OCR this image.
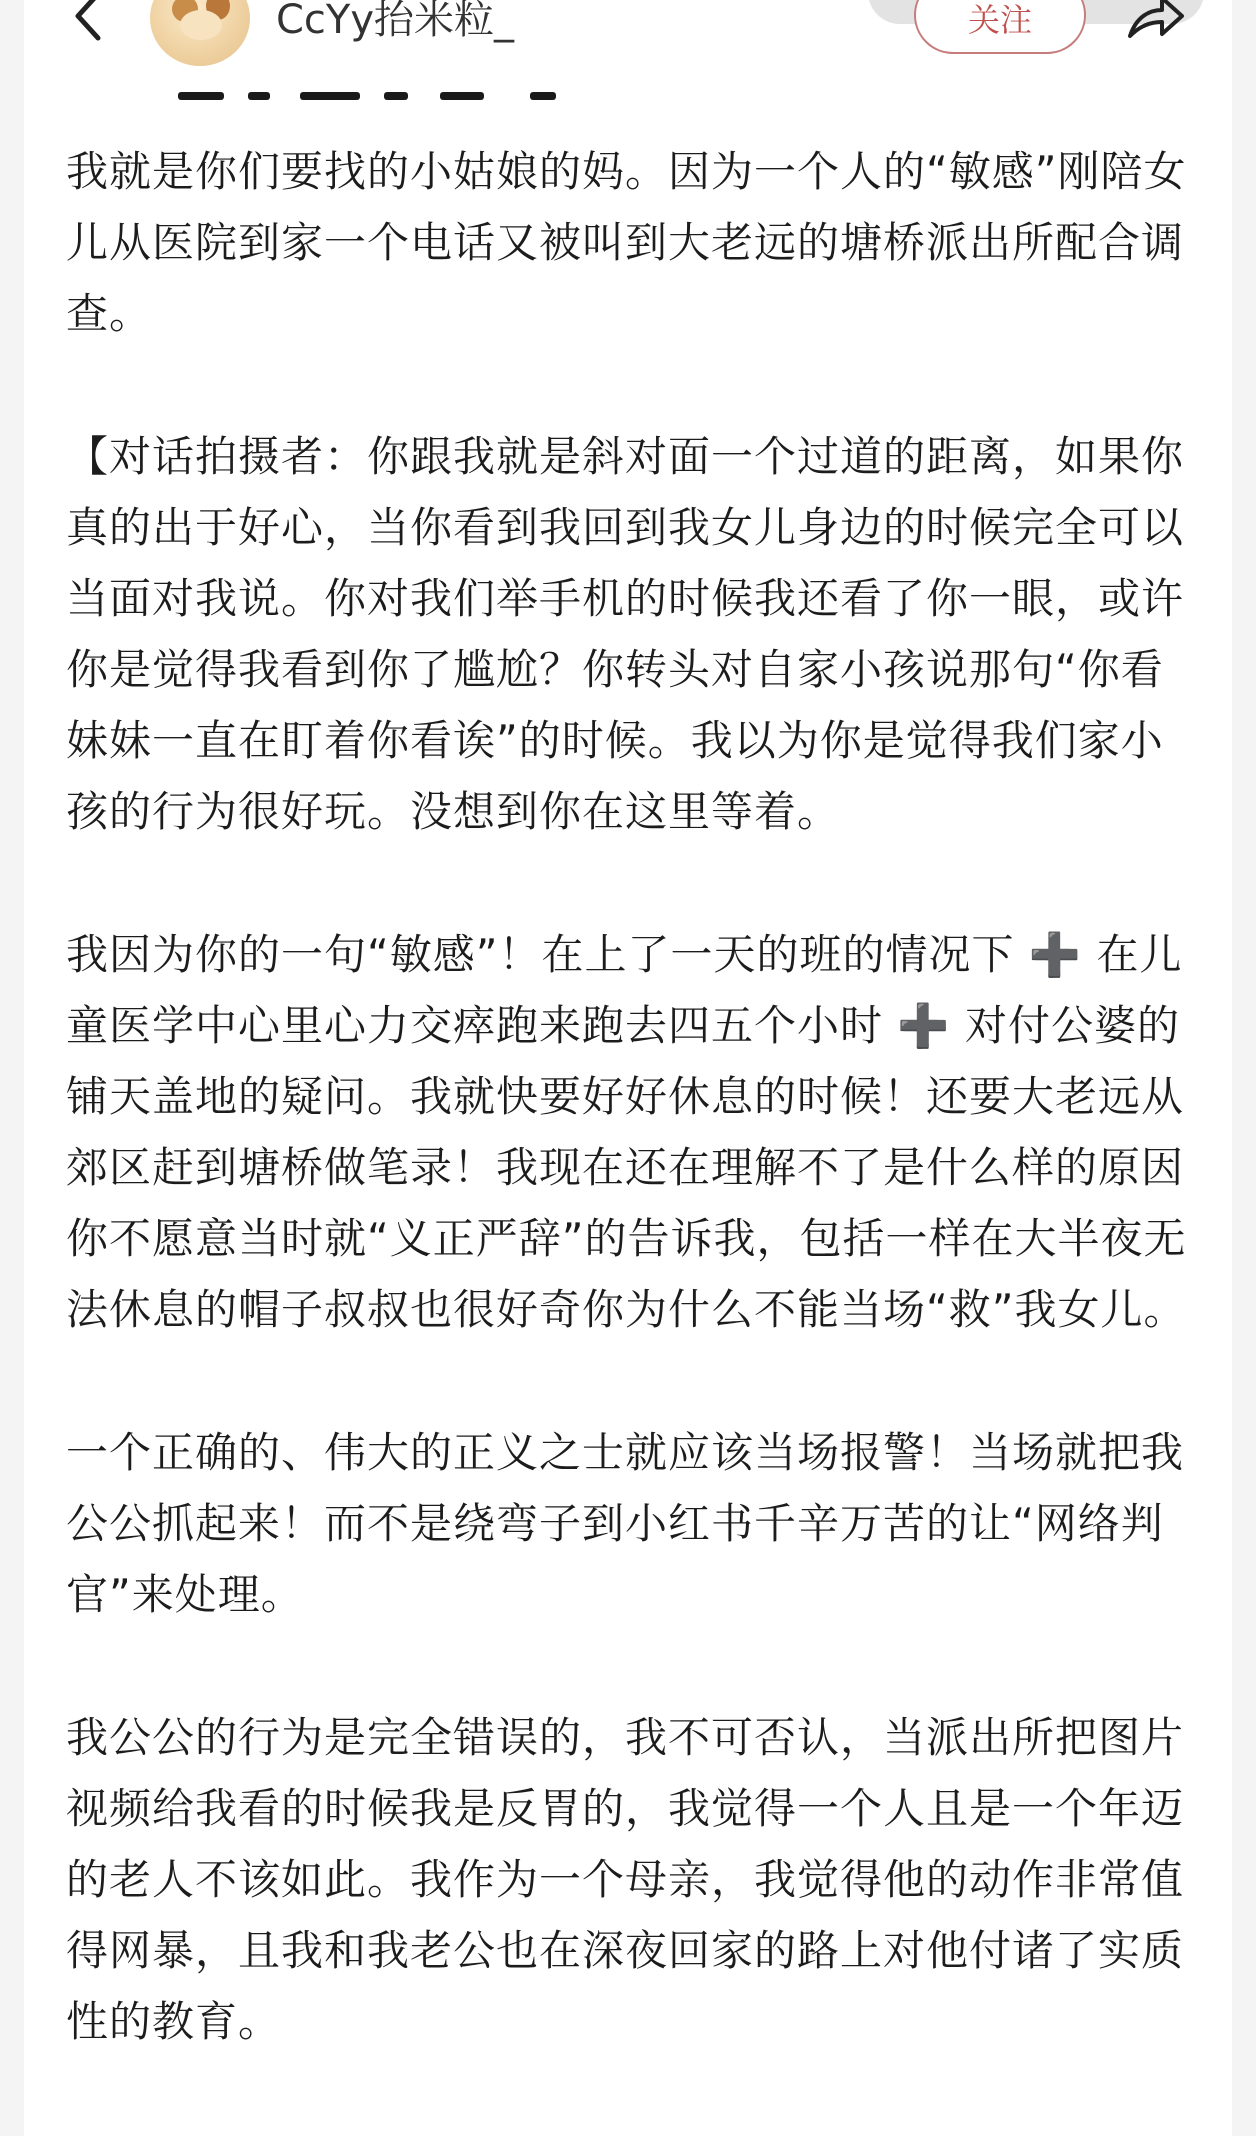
CcYy抬米粒_	关注

我就是你们要找的小姑娘的妈。因为一个人的“敏感”刚陪女儿从医院到家一个电话又被叫到大老远的塘桥派出所配合调查。

【对话拍摄者：你跟我就是斜对面一个过道的距离，如果你真的出于好心，当你看到我回到我女儿身边的时候完全可以当面对我说。你对我们举手机的时候我还看了你一眼，或许你是觉得我看到你了尴尬？你转头对自家小孩说那句“你看妹妹一直在盯着你看诶”的时候。我以为你是觉得我们家小孩的行为很好玩。没想到你在这里等着。

我因为你的一句“敏感”！在上了一天的班的情况下 ➕ 在儿童医学中心里心力交瘁跑来跑去四五个小时 ➕ 对付公婆的铺天盖地的疑问。我就快要好好休息的时候！还要大老远从郊区赶到塘桥做笔录！我现在还在理解不了是什么样的原因你不愿意当时就“义正严辞”的告诉我，包括一样在大半夜无法休息的帽子叔叔也很好奇你为什么不能当场“救”我女儿。

一个正确的、伟大的正义之士就应该当场报警！当场就把我公公抓起来！而不是绕弯子到小红书千辛万苦的让“网络判官”来处理。

我公公的行为是完全错误的，我不可否认，当派出所把图片视频给我看的时候我是反胃的，我觉得一个人且是一个年迈的老人不该如此。我作为一个母亲，我觉得他的动作非常值得网暴，且我和我老公也在深夜回家的路上对他付诸了实质性的教育。
